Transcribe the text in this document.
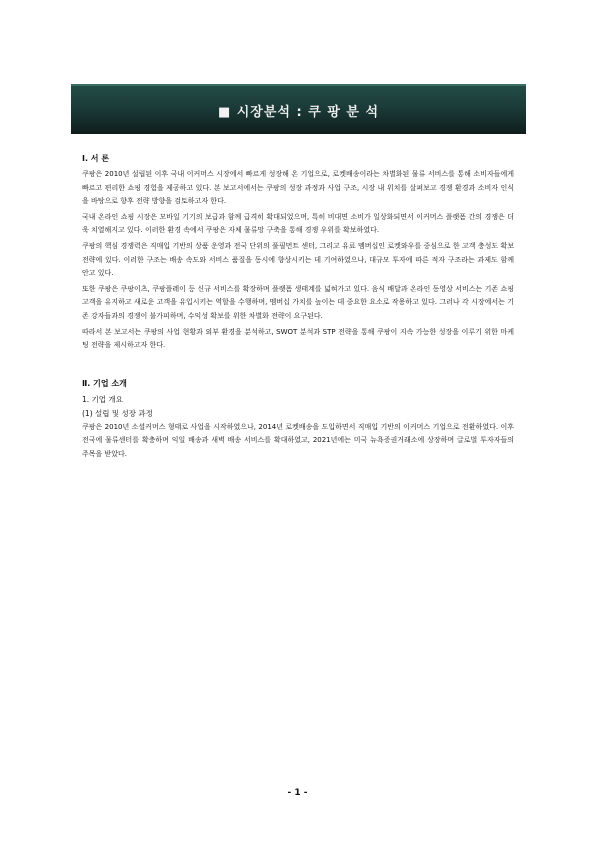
■ 시장분석 : 쿠 팡 분 석
Ⅰ. 서 론

쿠팡은 2010년 설립된 이후 국내 이커머스 시장에서 빠르게 성장해 온 기업으로, 로켓배송이라는 차별화된 물류 서비스를 통해 소비자들에게 빠르고 편리한 쇼핑 경험을 제공하고 있다. 본 보고서에서는 쿠팡의 성장 과정과 사업 구조, 시장 내 위치를 살펴보고 경쟁 환경과 소비자 인식을 바탕으로 향후 전략 방향을 검토하고자 한다.

국내 온라인 쇼핑 시장은 모바일 기기의 보급과 함께 급격히 확대되었으며, 특히 비대면 소비가 일상화되면서 이커머스 플랫폼 간의 경쟁은 더욱 치열해지고 있다. 이러한 환경 속에서 쿠팡은 자체 물류망 구축을 통해 경쟁 우위를 확보하였다.

쿠팡의 핵심 경쟁력은 직매입 기반의 상품 운영과 전국 단위의 풀필먼트 센터, 그리고 유료 멤버십인 로켓와우를 중심으로 한 고객 충성도 확보 전략에 있다. 이러한 구조는 배송 속도와 서비스 품질을 동시에 향상시키는 데 기여하였으나, 대규모 투자에 따른 적자 구조라는 과제도 함께 안고 있다.

또한 쿠팡은 쿠팡이츠, 쿠팡플레이 등 신규 서비스를 확장하며 플랫폼 생태계를 넓혀가고 있다. 음식 배달과 온라인 동영상 서비스는 기존 쇼핑 고객을 유지하고 새로운 고객을 유입시키는 역할을 수행하며, 멤버십 가치를 높이는 데 중요한 요소로 작용하고 있다. 그러나 각 시장에서는 기존 강자들과의 경쟁이 불가피하며, 수익성 확보를 위한 차별화 전략이 요구된다.

따라서 본 보고서는 쿠팡의 사업 현황과 외부 환경을 분석하고, SWOT 분석과 STP 전략을 통해 쿠팡이 지속 가능한 성장을 이루기 위한 마케팅 전략을 제시하고자 한다.

Ⅱ. 기업 소개
1. 기업 개요
(1) 설립 및 성장 과정

쿠팡은 2010년 소셜커머스 형태로 사업을 시작하였으나, 2014년 로켓배송을 도입하면서 직매입 기반의 이커머스 기업으로 전환하였다. 이후 전국에 물류센터를 확충하며 익일 배송과 새벽 배송 서비스를 확대하였고, 2021년에는 미국 뉴욕증권거래소에 상장하며 글로벌 투자자들의 주목을 받았다.

- 1 -
